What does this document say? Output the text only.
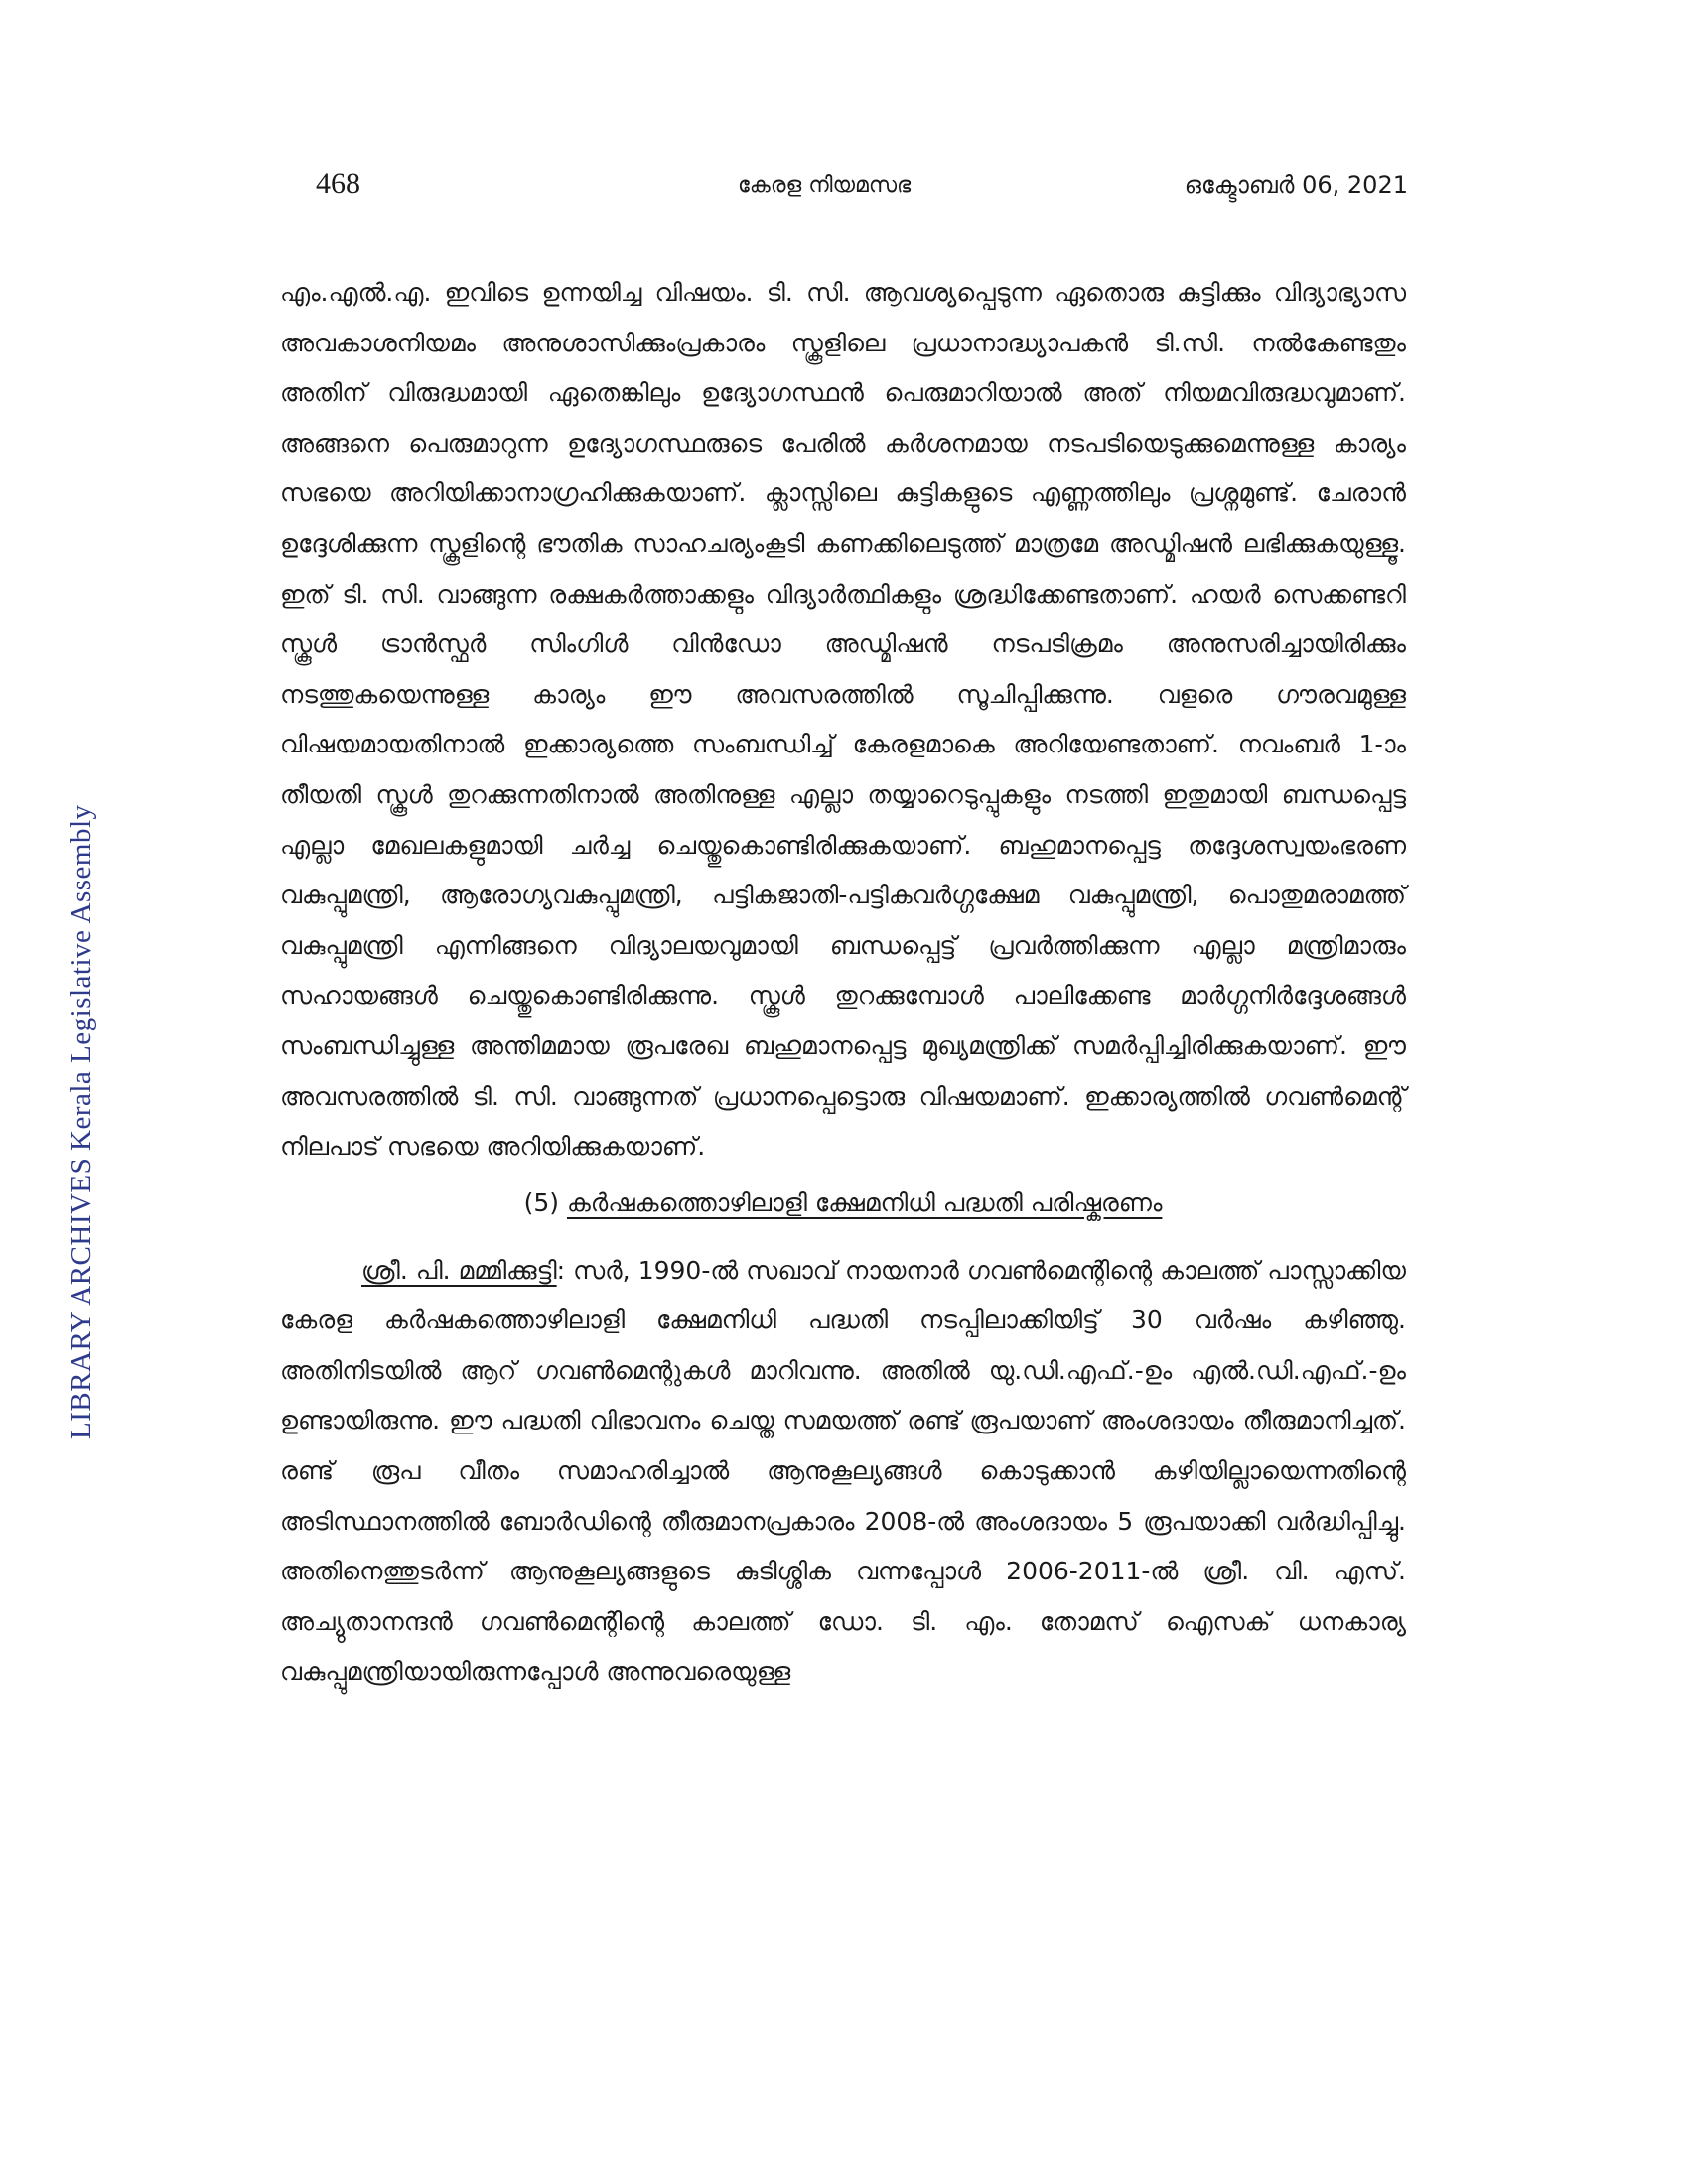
468	കേരള നിയമസഭ	ഒക്ടോബർ 06, 2021
LIBRARY ARCHIVES Kerala Legislative Assembly

എം.എൽ.എ. ഇവിടെ ഉന്നയിച്ച വിഷയം. ടി. സി. ആവശ്യപ്പെടുന്ന ഏതൊരു കുട്ടിക്കും വിദ്യാഭ്യാസ അവകാശനിയമം അനുശാസിക്കുംപ്രകാരം സ്കൂളിലെ പ്രധാനാദ്ധ്യാപകൻ ടി.സി. നൽകേണ്ടതും അതിന് വിരുദ്ധമായി ഏതെങ്കിലും ഉദ്യോഗസ്ഥൻ പെരുമാറിയാൽ അത് നിയമവിരുദ്ധവുമാണ്. അങ്ങനെ പെരുമാറുന്ന ഉദ്യോഗസ്ഥരുടെ പേരിൽ കർശനമായ നടപടിയെടുക്കുമെന്നുള്ള കാര്യം സഭയെ അറിയിക്കാനാഗ്രഹിക്കുകയാണ്. ക്ലാസ്സിലെ കുട്ടികളുടെ എണ്ണത്തിലും പ്രശ്നമുണ്ട്. ചേരാൻ ഉദ്ദേശിക്കുന്ന സ്കൂളിന്റെ ഭൗതിക സാഹചര്യംകൂടി കണക്കിലെടുത്ത് മാത്രമേ അഡ്മിഷൻ ലഭിക്കുകയുള്ളൂ. ഇത് ടി. സി. വാങ്ങുന്ന രക്ഷകർത്താക്കളും വിദ്യാർത്ഥികളും ശ്രദ്ധിക്കേണ്ടതാണ്. ഹയർ സെക്കണ്ടറി സ്കൂൾ ട്രാൻസ്ഫർ സിംഗിൾ വിൻഡോ അഡ്മിഷൻ നടപടിക്രമം അനുസരിച്ചായിരിക്കും നടത്തുകയെന്നുള്ള കാര്യം ഈ അവസരത്തിൽ സൂചിപ്പിക്കുന്നു. വളരെ ഗൗരവമുള്ള വിഷയമായതിനാൽ ഇക്കാര്യത്തെ സംബന്ധിച്ച് കേരളമാകെ അറിയേണ്ടതാണ്. നവംബർ 1-ാം തീയതി സ്കൂൾ തുറക്കുന്നതിനാൽ അതിനുള്ള എല്ലാ തയ്യാറെടുപ്പുകളും നടത്തി ഇതുമായി ബന്ധപ്പെട്ട എല്ലാ മേഖലകളുമായി ചർച്ച ചെയ്തുകൊണ്ടിരിക്കുകയാണ്. ബഹുമാനപ്പെട്ട തദ്ദേശസ്വയംഭരണ വകുപ്പുമന്ത്രി, ആരോഗ്യവകുപ്പുമന്ത്രി, പട്ടികജാതി-പട്ടികവർഗ്ഗക്ഷേമ വകുപ്പുമന്ത്രി, പൊതുമരാമത്ത് വകുപ്പുമന്ത്രി എന്നിങ്ങനെ വിദ്യാലയവുമായി ബന്ധപ്പെട്ട് പ്രവർത്തിക്കുന്ന എല്ലാ മന്ത്രിമാരും സഹായങ്ങൾ ചെയ്തുകൊണ്ടിരിക്കുന്നു. സ്കൂൾ തുറക്കുമ്പോൾ പാലിക്കേണ്ട മാർഗ്ഗനിർദ്ദേശങ്ങൾ സംബന്ധിച്ചുള്ള അന്തിമമായ രൂപരേഖ ബഹുമാനപ്പെട്ട മുഖ്യമന്ത്രിക്ക് സമർപ്പിച്ചിരിക്കുകയാണ്. ഈ അവസരത്തിൽ ടി. സി. വാങ്ങുന്നത് പ്രധാനപ്പെട്ടൊരു വിഷയമാണ്. ഇക്കാര്യത്തിൽ ഗവൺമെന്റ് നിലപാട് സഭയെ അറിയിക്കുകയാണ്.

(5) കർഷകത്തൊഴിലാളി ക്ഷേമനിധി പദ്ധതി പരിഷ്കരണം

ശ്രീ. പി. മമ്മിക്കുട്ടി: സർ, 1990-ൽ സഖാവ് നായനാർ ഗവൺമെന്റിന്റെ കാലത്ത് പാസ്സാക്കിയ കേരള കർഷകത്തൊഴിലാളി ക്ഷേമനിധി പദ്ധതി നടപ്പിലാക്കിയിട്ട് 30 വർഷം കഴിഞ്ഞു. അതിനിടയിൽ ആറ് ഗവൺമെന്റുകൾ മാറിവന്നു. അതിൽ യു.ഡി.എഫ്.-ഉം എൽ.ഡി.എഫ്.-ഉം ഉണ്ടായിരുന്നു. ഈ പദ്ധതി വിഭാവനം ചെയ്ത സമയത്ത് രണ്ട് രൂപയാണ് അംശദായം തീരുമാനിച്ചത്. രണ്ട് രൂപ വീതം സമാഹരിച്ചാൽ ആനുകൂല്യങ്ങൾ കൊടുക്കാൻ കഴിയില്ലായെന്നതിന്റെ അടിസ്ഥാനത്തിൽ ബോർഡിന്റെ തീരുമാനപ്രകാരം 2008-ൽ അംശദായം 5 രൂപയാക്കി വർദ്ധിപ്പിച്ചു. അതിനെത്തുടർന്ന് ആനുകൂല്യങ്ങളുടെ കുടിശ്ശിക വന്നപ്പോൾ 2006-2011-ൽ ശ്രീ. വി. എസ്. അച്യുതാനന്ദൻ ഗവൺമെന്റിന്റെ കാലത്ത് ഡോ. ടി. എം. തോമസ് ഐസക് ധനകാര്യ വകുപ്പുമന്ത്രിയായിരുന്നപ്പോൾ അന്നുവരെയുള്ള
